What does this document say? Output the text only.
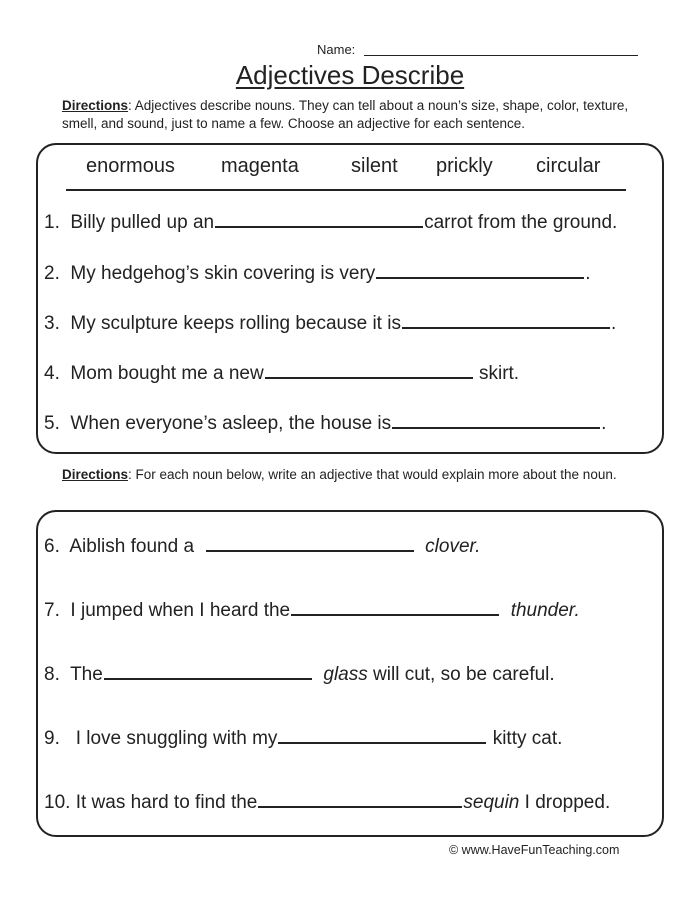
Name:
Adjectives Describe
Directions: Adjectives describe nouns. They can tell about a noun’s size, shape, color, texture, smell, and sound, just to name a few. Choose an adjective for each sentence.
enormous magenta	silent prickly circular
1. Billy pulled up an	carrot from the ground.
2. My hedgehog’s skin covering is very	.
3. My sculpture keeps rolling because it is	.
4. Mom bought me a new	skirt.
5. When everyone’s asleep, the house is	.
Directions: For each noun below, write an adjective that would explain more about the noun.
6. Aiblish found a	clover.
7. I jumped when I heard the	thunder.
8. The	glass will cut, so be careful.
9. I love snuggling with my	kitty cat.
10. It was hard to find the	sequin I dropped.
© www.HaveFunTeaching.com
